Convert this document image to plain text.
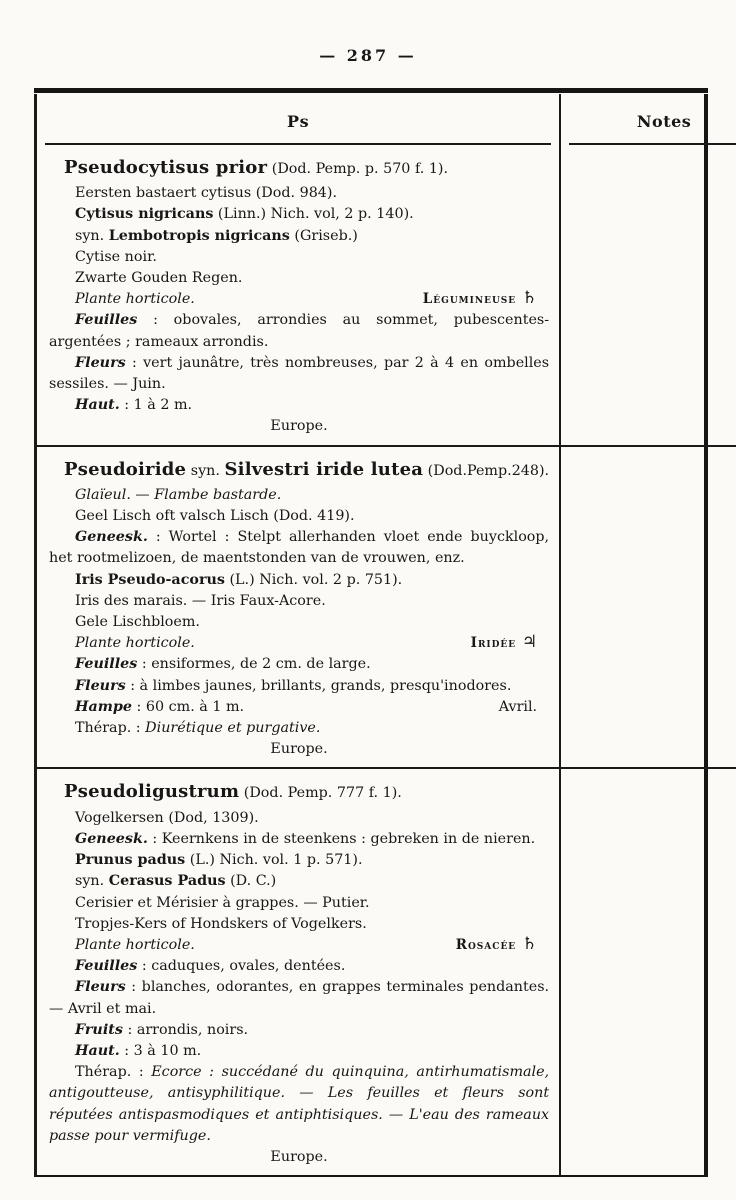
— 287 —
Ps	Notes
Pseudocytisus prior (Dod. Pemp. p. 570 f. 1).
Eersten bastaert cytisus (Dod. 984).
Cytisus nigricans (Linn.) Nich. vol, 2 p. 140).
syn. Lembotropis nigricans (Griseb.)
Cytise noir.
Zwarte Gouden Regen.
Plante horticole.	Légumineuse ♄
Feuilles : obovales, arrondies au sommet, pubescentes-argentées ; rameaux arrondis.
Fleurs : vert jaunâtre, très nombreuses, par 2 à 4 en ombelles sessiles. — Juin.
Haut. : 1 à 2 m.
Europe.
Pseudoiride syn. Silvestri iride lutea (Dod.Pemp.248).
Glaïeul. — Flambe bastarde.
Geel Lisch oft valsch Lisch (Dod. 419).
Geneesk. : Wortel : Stelpt allerhanden vloet ende buyckloop, het rootmelizoen, de maentstonden van de vrouwen, enz.
Iris Pseudo-acorus (L.) Nich. vol. 2 p. 751).
Iris des marais. — Iris Faux-Acore.
Gele Lischbloem.
Plante horticole.	Iridée ♃
Feuilles : ensiformes, de 2 cm. de large.
Fleurs : à limbes jaunes, brillants, grands, presqu'inodores.
Hampe : 60 cm. à 1 m.	Avril.
Thérap. : Diurétique et purgative.
Europe.
Pseudoligustrum (Dod. Pemp. 777 f. 1).
Vogelkersen (Dod, 1309).
Geneesk. : Keernkens in de steenkens : gebreken in de nieren.
Prunus padus (L.) Nich. vol. 1 p. 571).
syn. Cerasus Padus (D. C.)
Cerisier et Mérisier à grappes. — Putier.
Tropjes-Kers of Hondskers of Vogelkers.
Plante horticole.	Rosacée ♄
Feuilles : caduques, ovales, dentées.
Fleurs : blanches, odorantes, en grappes terminales pendantes. — Avril et mai.
Fruits : arrondis, noirs.
Haut. : 3 à 10 m.
Thérap. : Ecorce : succédané du quinquina, antirhumatismale, antigoutteuse, antisyphilitique. — Les feuilles et fleurs sont réputées antispasmodiques et antiphtisiques. — L'eau des rameaux passe pour vermifuge.
Europe.
